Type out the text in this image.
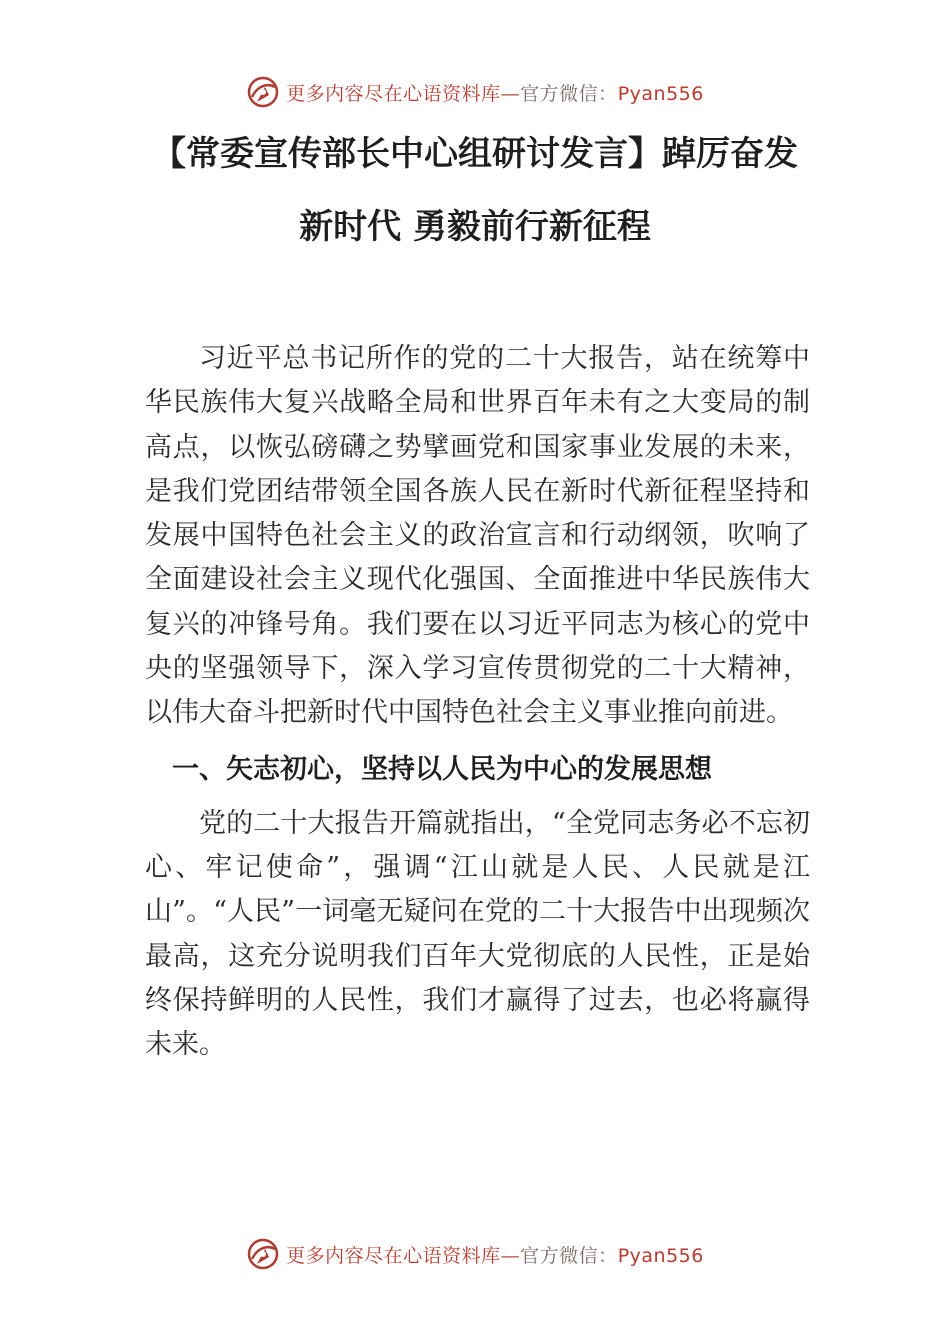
更多内容尽在心语资料库—官方微信：Pyan556
【常委宣传部长中心组研讨发言】踔厉奋发新时代 勇毅前行新征程

习近平总书记所作的党的二十大报告，站在统筹中华民族伟大复兴战略全局和世界百年未有之大变局的制高点，以恢弘磅礴之势擘画党和国家事业发展的未来，是我们党团结带领全国各族人民在新时代新征程坚持和发展中国特色社会主义的政治宣言和行动纲领，吹响了全面建设社会主义现代化强国、全面推进中华民族伟大复兴的冲锋号角。我们要在以习近平同志为核心的党中央的坚强领导下，深入学习宣传贯彻党的二十大精神，以伟大奋斗把新时代中国特色社会主义事业推向前进。

一、矢志初心，坚持以人民为中心的发展思想

党的二十大报告开篇就指出，“全党同志务必不忘初心、牢记使命”，强调“江山就是人民、人民就是江山”。“人民”一词毫无疑问在党的二十大报告中出现频次最高，这充分说明我们百年大党彻底的人民性，正是始终保持鲜明的人民性，我们才赢得了过去，也必将赢得未来。

更多内容尽在心语资料库—官方微信：Pyan556
